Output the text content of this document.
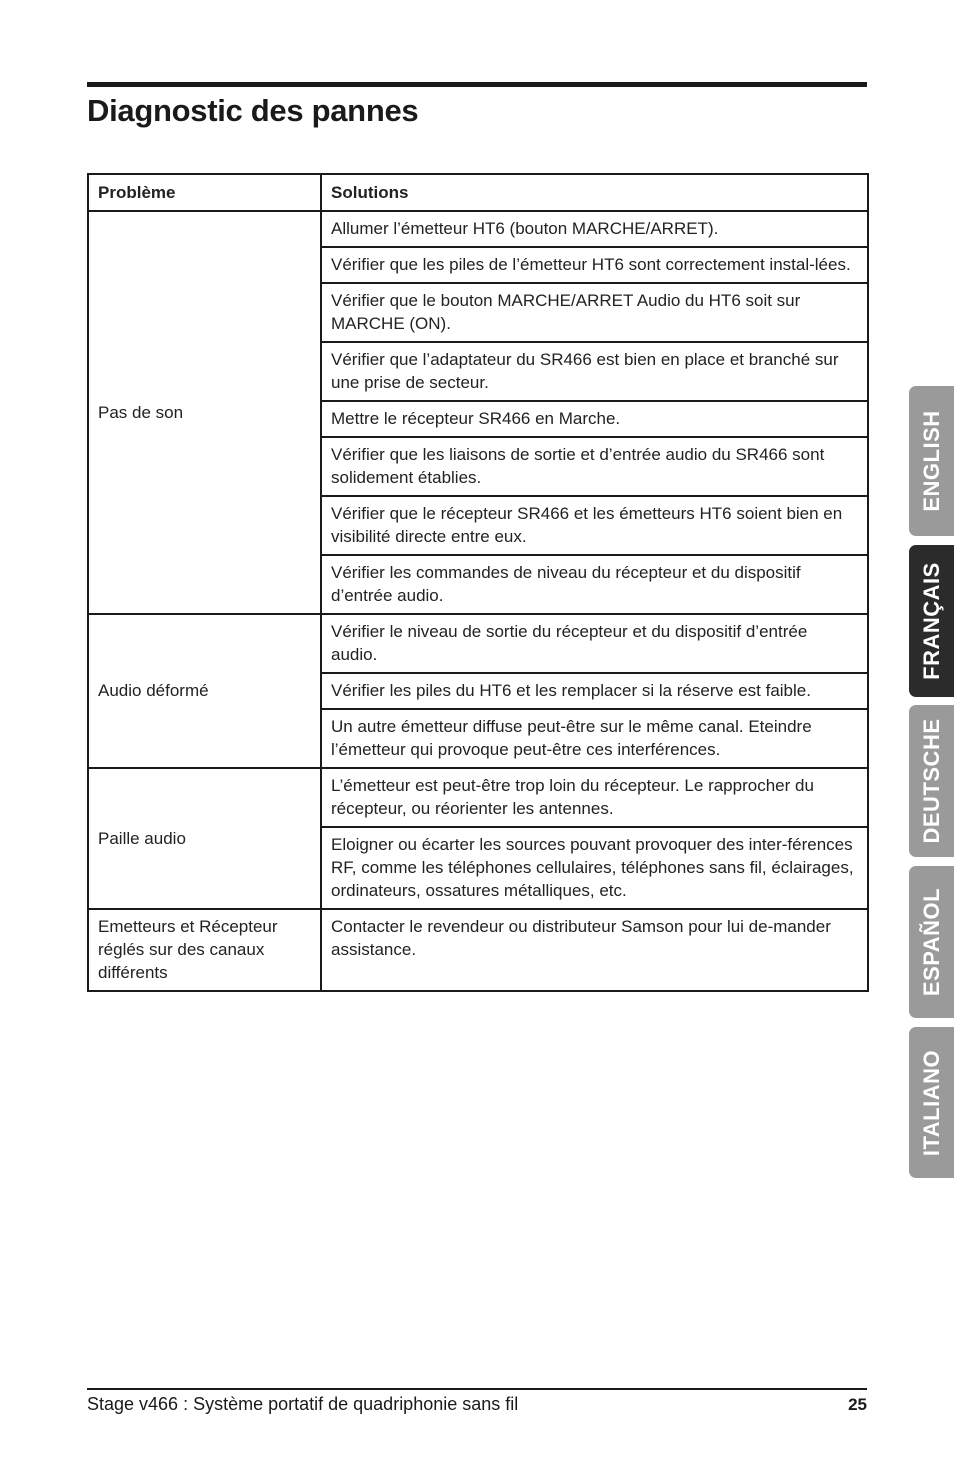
Diagnostic des pannes
Problème	Solutions
Pas de son	Allumer l’émetteur HT6 (bouton MARCHE/ARRET).
	Vérifier que les piles de l’émetteur HT6 sont correctement instal-lées.
	Vérifier que le bouton MARCHE/ARRET Audio du HT6 soit sur MARCHE (ON).
	Vérifier que l’adaptateur du SR466 est bien en place et branché sur une prise de secteur.
	Mettre le récepteur SR466 en Marche.
	Vérifier que les liaisons de sortie et d’entrée audio du SR466 sont solidement établies.
	Vérifier que le récepteur SR466 et les émetteurs HT6 soient bien en visibilité directe entre eux.
	Vérifier les commandes de niveau du récepteur et du dispositif d’entrée audio.
Audio déformé	Vérifier le niveau de sortie du récepteur et du dispositif d’entrée audio.
	Vérifier les piles du HT6 et les remplacer si la réserve est faible.
	Un autre émetteur diffuse peut-être sur le même canal. Eteindre l’émetteur qui provoque peut-être ces interférences.
Paille audio	L’émetteur est peut-être trop loin du récepteur. Le rapprocher du récepteur, ou réorienter les antennes.
	Eloigner ou écarter les sources pouvant provoquer des inter-férences RF, comme les téléphones cellulaires, téléphones sans fil, éclairages, ordinateurs, ossatures métalliques, etc.
Emetteurs et Récepteur réglés sur des canaux différents	Contacter le revendeur ou distributeur Samson pour lui de-mander assistance.
ENGLISH
FRANÇAIS
DEUTSCHE
ESPAÑOL
ITALIANO
Stage v466 : Système portatif de quadriphonie sans fil	25
